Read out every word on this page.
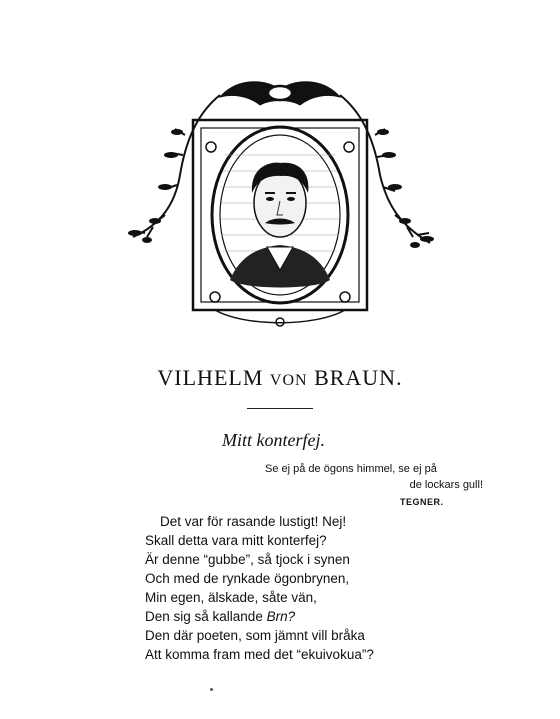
VILHELM VON BRAUN.
Mitt konterfej.
Se ej på de ögons himmel, se ej på
de lockars gull!
TEGNER.
Det var för rasande lustigt! Nej!
Skall detta vara mitt konterfej?
Är denne “gubbe”, så tjock i synen
Och med de rynkade ögonbrynen,
Min egen, älskade, såte vän,
Den sig så kallande Brn?
Den där poeten, som jämnt vill bråka
Att komma fram med det “ekuivokua”?
